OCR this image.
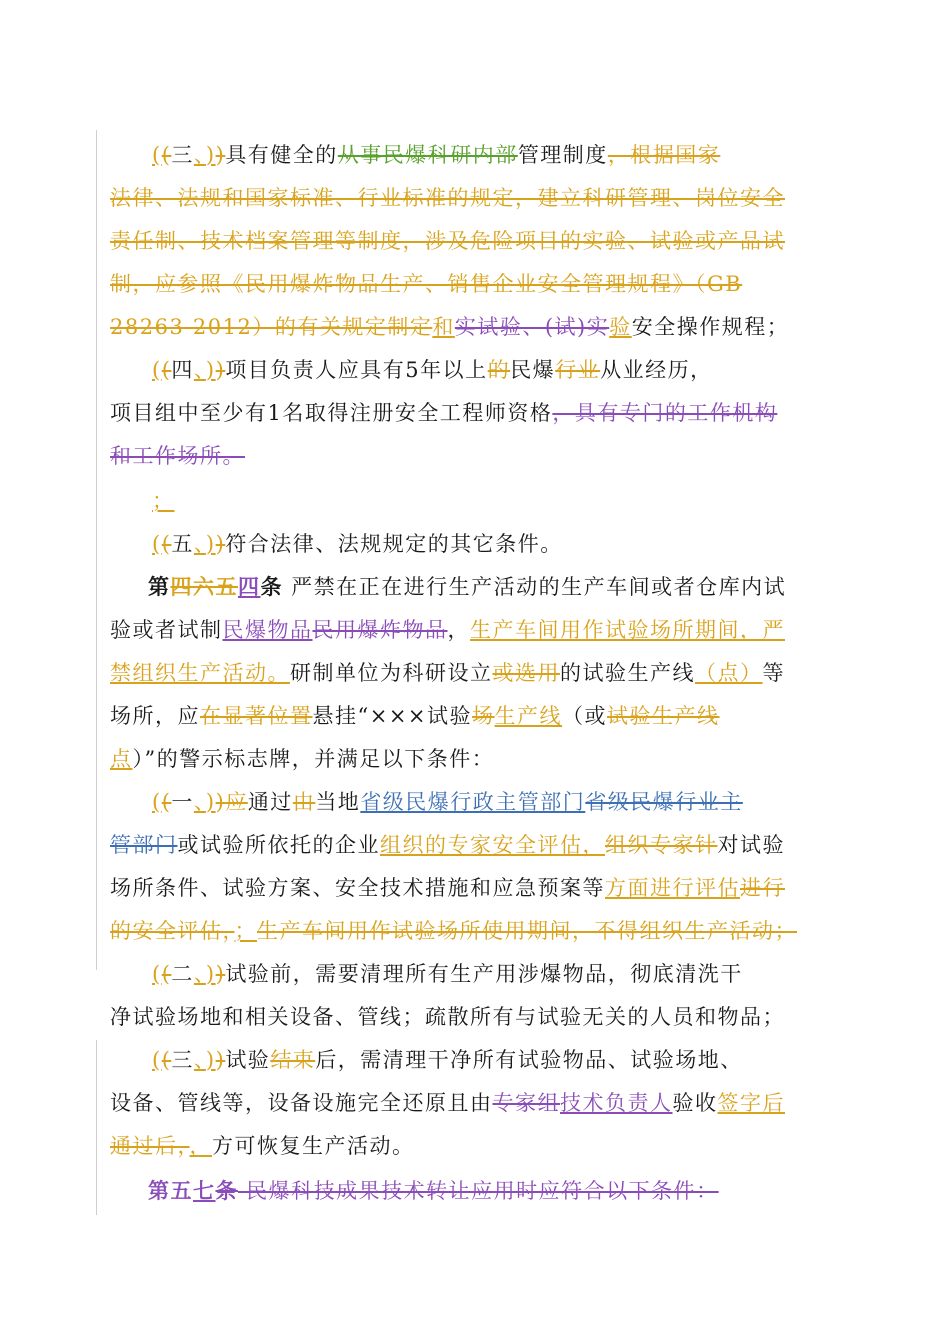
((三、))具有健全的从事民爆科研内部管理制度，根据国家
法律、法规和国家标准、行业标准的规定，建立科研管理、岗位安全
责任制、技术档案管理等制度，涉及危险项目的实验、试验或产品试
制，应参照《民用爆炸物品生产、销售企业安全管理规程》（GB
28263-2012）的有关规定制定和实试验、(试)实验安全操作规程；
((四、))项目负责人应具有5年以上的民爆行业从业经历，
项目组中至少有1名取得注册安全工程师资格，具有专门的工作机构
和工作场所。
；
((五、))符合法律、法规规定的其它条件。
第四六五四条 严禁在正在进行生产活动的生产车间或者仓库内试
验或者试制民爆物品民用爆炸物品，生产车间用作试验场所期间，严
禁组织生产活动。研制单位为科研设立或选用的试验生产线（点）等
场所，应在显著位置悬挂“×××试验场生产线（或试验生产线
点）”的警示标志牌，并满足以下条件：
((一、))应通过由当地省级民爆行政主管部门省级民爆行业主
管部门或试验所依托的企业组织的专家安全评估，组织专家针对试验
场所条件、试验方案、安全技术措施和应急预案等方面进行评估进行
的安全评估，；生产车间用作试验场所使用期间，不得组织生产活动；
((二、))试验前，需要清理所有生产用涉爆物品，彻底清洗干
净试验场地和相关设备、管线；疏散所有与试验无关的人员和物品；
((三、))试验结束后，需清理干净所有试验物品、试验场地、
设备、管线等，设备设施完全还原且由专家组技术负责人验收签字后
通过后，，方可恢复生产活动。
第五七条 民爆科技成果技术转让应用时应符合以下条件：
